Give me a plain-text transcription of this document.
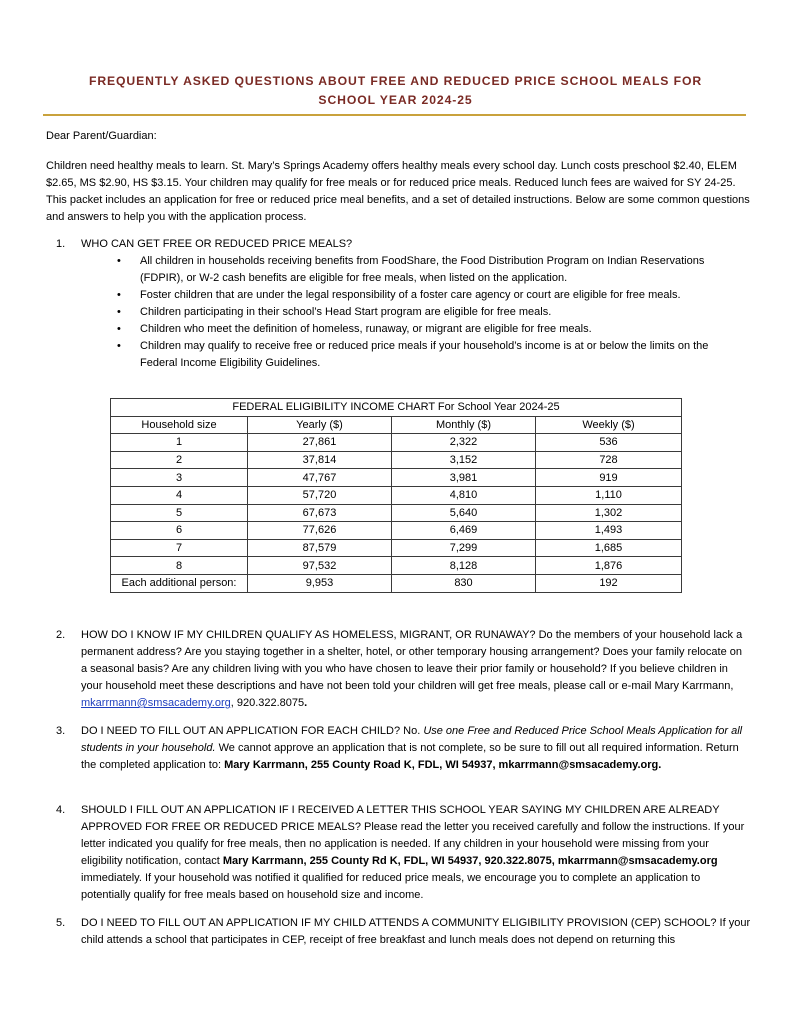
FREQUENTLY ASKED QUESTIONS ABOUT FREE AND REDUCED PRICE SCHOOL MEALS FOR
SCHOOL YEAR 2024-25
Dear Parent/Guardian:
Children need healthy meals to learn. St. Mary’s Springs Academy offers healthy meals every school day. Lunch costs preschool $2.40, ELEM $2.65, MS $2.90, HS $3.15. Your children may qualify for free meals or for reduced price meals. Reduced lunch fees are waived for SY 24-25. This packet includes an application for free or reduced price meal benefits, and a set of detailed instructions. Below are some common questions and answers to help you with the application process.
1. WHO CAN GET FREE OR REDUCED PRICE MEALS?
• All children in households receiving benefits from FoodShare, the Food Distribution Program on Indian Reservations (FDPIR), or W-2 cash benefits are eligible for free meals, when listed on the application.
• Foster children that are under the legal responsibility of a foster care agency or court are eligible for free meals.
• Children participating in their school’s Head Start program are eligible for free meals.
• Children who meet the definition of homeless, runaway, or migrant are eligible for free meals.
• Children may qualify to receive free or reduced price meals if your household’s income is at or below the limits on the Federal Income Eligibility Guidelines.
FEDERAL ELIGIBILITY INCOME CHART For School Year 2024-25			
Household size	Yearly ($)	Monthly ($)	Weekly ($)
1	27,861	2,322	536
2	37,814	3,152	728
3	47,767	3,981	919
4	57,720	4,810	1,110
5	67,673	5,640	1,302
6	77,626	6,469	1,493
7	87,579	7,299	1,685
8	97,532	8,128	1,876
Each additional person:	9,953	830	192
2. HOW DO I KNOW IF MY CHILDREN QUALIFY AS HOMELESS, MIGRANT, OR RUNAWAY? Do the members of your household lack a permanent address? Are you staying together in a shelter, hotel, or other temporary housing arrangement? Does your family relocate on a seasonal basis? Are any children living with you who have chosen to leave their prior family or household? If you believe children in your household meet these descriptions and have not been told your children will get free meals, please call or e-mail Mary Karrmann, mkarrmann@smsacademy.org, 920.322.8075.
3. DO I NEED TO FILL OUT AN APPLICATION FOR EACH CHILD? No. Use one Free and Reduced Price School Meals Application for all students in your household. We cannot approve an application that is not complete, so be sure to fill out all required information. Return the completed application to: Mary Karrmann, 255 County Road K, FDL, WI 54937, mkarrmann@smsacademy.org.
4. SHOULD I FILL OUT AN APPLICATION IF I RECEIVED A LETTER THIS SCHOOL YEAR SAYING MY CHILDREN ARE ALREADY APPROVED FOR FREE OR REDUCED PRICE MEALS? Please read the letter you received carefully and follow the instructions. If your letter indicated you qualify for free meals, then no application is needed. If any children in your household were missing from your eligibility notification, contact Mary Karrmann, 255 County Rd K, FDL, WI 54937, 920.322.8075, mkarrmann@smsacademy.org immediately. If your household was notified it qualified for reduced price meals, we encourage you to complete an application to potentially qualify for free meals based on household size and income.
5. DO I NEED TO FILL OUT AN APPLICATION IF MY CHILD ATTENDS A COMMUNITY ELIGIBILITY PROVISION (CEP) SCHOOL? If your child attends a school that participates in CEP, receipt of free breakfast and lunch meals does not depend on returning this
